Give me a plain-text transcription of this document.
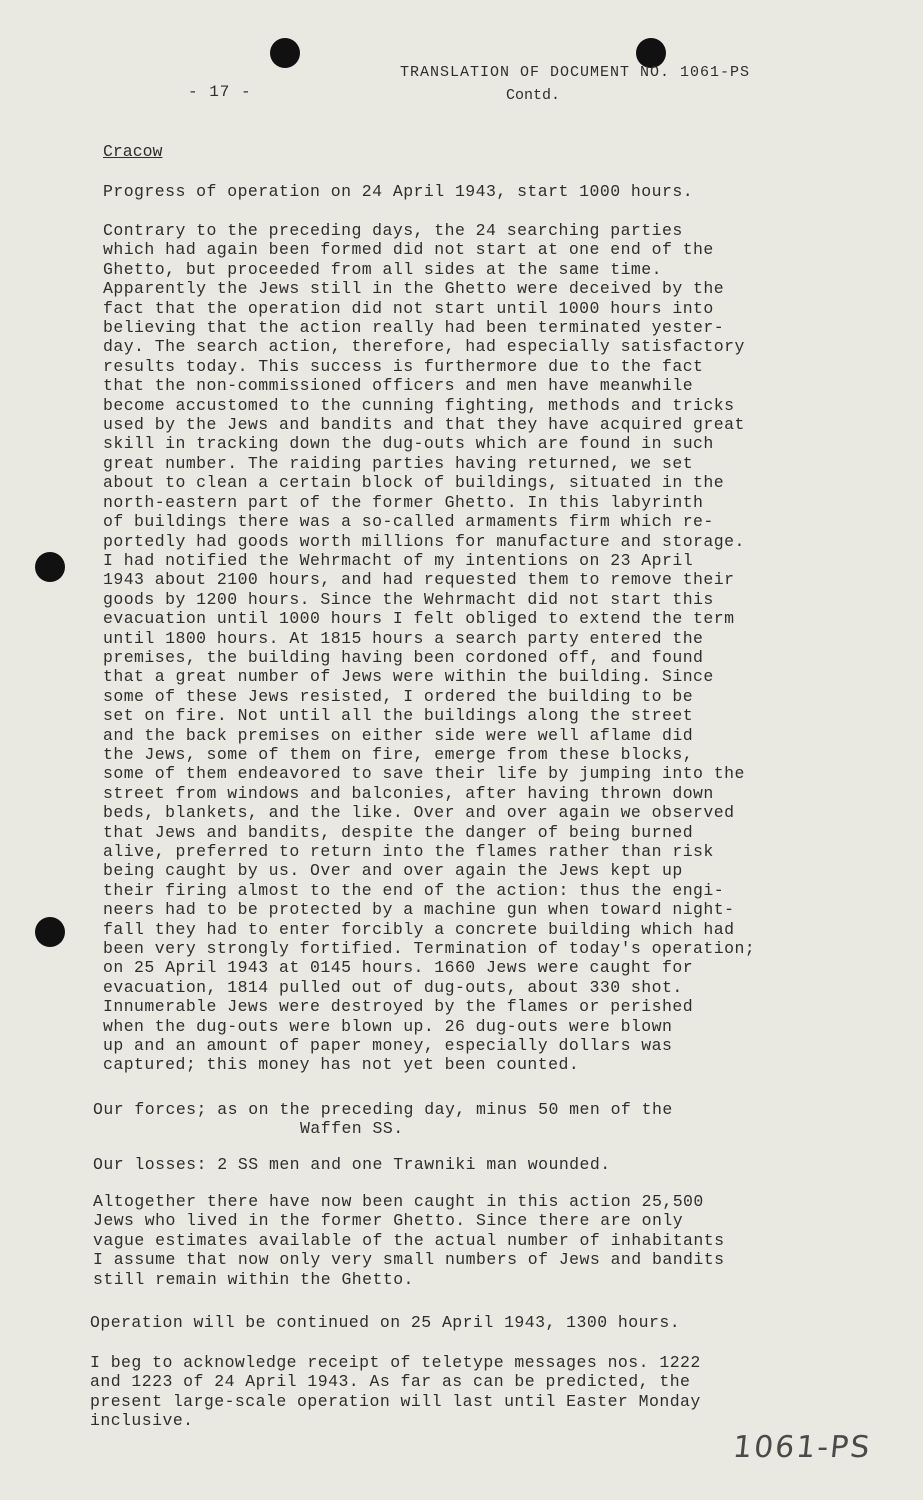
TRANSLATION OF DOCUMENT NO. 1061-PS
Contd.
- 17 -
Cracow
Progress of operation on 24 April 1943, start 1000 hours.
Contrary to the preceding days, the 24 searching parties
which had again been formed did not start at one end of the
Ghetto, but proceeded from all sides at the same time.
Apparently the Jews still in the Ghetto were deceived by the
fact that the operation did not start until 1000 hours into
believing that the action really had been terminated yester-
day. The search action, therefore, had especially satisfactory
results today. This success is furthermore due to the fact
that the non-commissioned officers and men have meanwhile
become accustomed to the cunning fighting, methods and tricks
used by the Jews and bandits and that they have acquired great
skill in tracking down the dug-outs which are found in such
great number. The raiding parties having returned, we set
about to clean a certain block of buildings, situated in the
north-eastern part of the former Ghetto. In this labyrinth
of buildings there was a so-called armaments firm which re-
portedly had goods worth millions for manufacture and storage.
I had notified the Wehrmacht of my intentions on 23 April
1943 about 2100 hours, and had requested them to remove their
goods by 1200 hours. Since the Wehrmacht did not start this
evacuation until 1000 hours I felt obliged to extend the term
until 1800 hours. At 1815 hours a search party entered the
premises, the building having been cordoned off, and found
that a great number of Jews were within the building. Since
some of these Jews resisted, I ordered the building to be
set on fire. Not until all the buildings along the street
and the back premises on either side were well aflame did
the Jews, some of them on fire, emerge from these blocks,
some of them endeavored to save their life by jumping into the
street from windows and balconies, after having thrown down
beds, blankets, and the like. Over and over again we observed
that Jews and bandits, despite the danger of being burned
alive, preferred to return into the flames rather than risk
being caught by us. Over and over again the Jews kept up
their firing almost to the end of the action: thus the engi-
neers had to be protected by a machine gun when toward night-
fall they had to enter forcibly a concrete building which had
been very strongly fortified. Termination of today's operation;
on 25 April 1943 at 0145 hours. 1660 Jews were caught for
evacuation, 1814 pulled out of dug-outs, about 330 shot.
Innumerable Jews were destroyed by the flames or perished
when the dug-outs were blown up. 26 dug-outs were blown
up and an amount of paper money, especially dollars was
captured; this money has not yet been counted.
Our forces; as on the preceding day, minus 50 men of the
Waffen SS.
Our losses: 2 SS men and one Trawniki man wounded.
Altogether there have now been caught in this action 25,500
Jews who lived in the former Ghetto. Since there are only
vague estimates available of the actual number of inhabitants
I assume that now only very small numbers of Jews and bandits
still remain within the Ghetto.
Operation will be continued on 25 April 1943, 1300 hours.
I beg to acknowledge receipt of teletype messages nos. 1222
and 1223 of 24 April 1943. As far as can be predicted, the
present large-scale operation will last until Easter Monday
inclusive.
1061-PS
